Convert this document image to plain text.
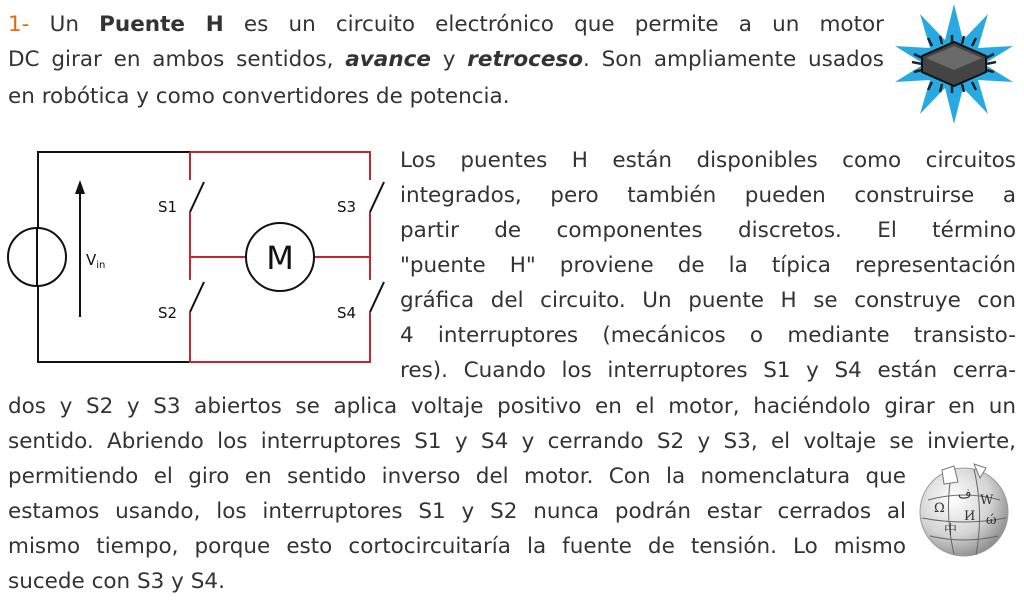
1- Un Puente H es un circuito electrónico que permite a un motor
DC girar en ambos sentidos, avance y retroceso. Son ampliamente usados
en robótica y como convertidores de potencia.
$V_{in}$
S1
S2
S3
S4
M
Los puentes H están disponibles como circuitos
integrados, pero también pueden construirse a
partir de componentes discretos. El término
"puente H" proviene de la típica representación
gráfica del circuito. Un puente H se construye con
4 interruptores (mecánicos o mediante transisto-
res). Cuando los interruptores S1 y S4 están cerra-
dos y S2 y S3 abiertos se aplica voltaje positivo en el motor, haciéndolo girar en un
sentido. Abriendo los interruptores S1 y S4 y cerrando S2 y S3, el voltaje se invierte,
permitiendo el giro en sentido inverso del motor. Con la nomenclatura que
estamos usando, los interruptores S1 y S2 nunca podrán estar cerrados al
mismo tiempo, porque esto cortocircuitaría la fuente de tensión. Lo mismo
sucede con S3 y S4.
ف W
Ω
И ώ
中
